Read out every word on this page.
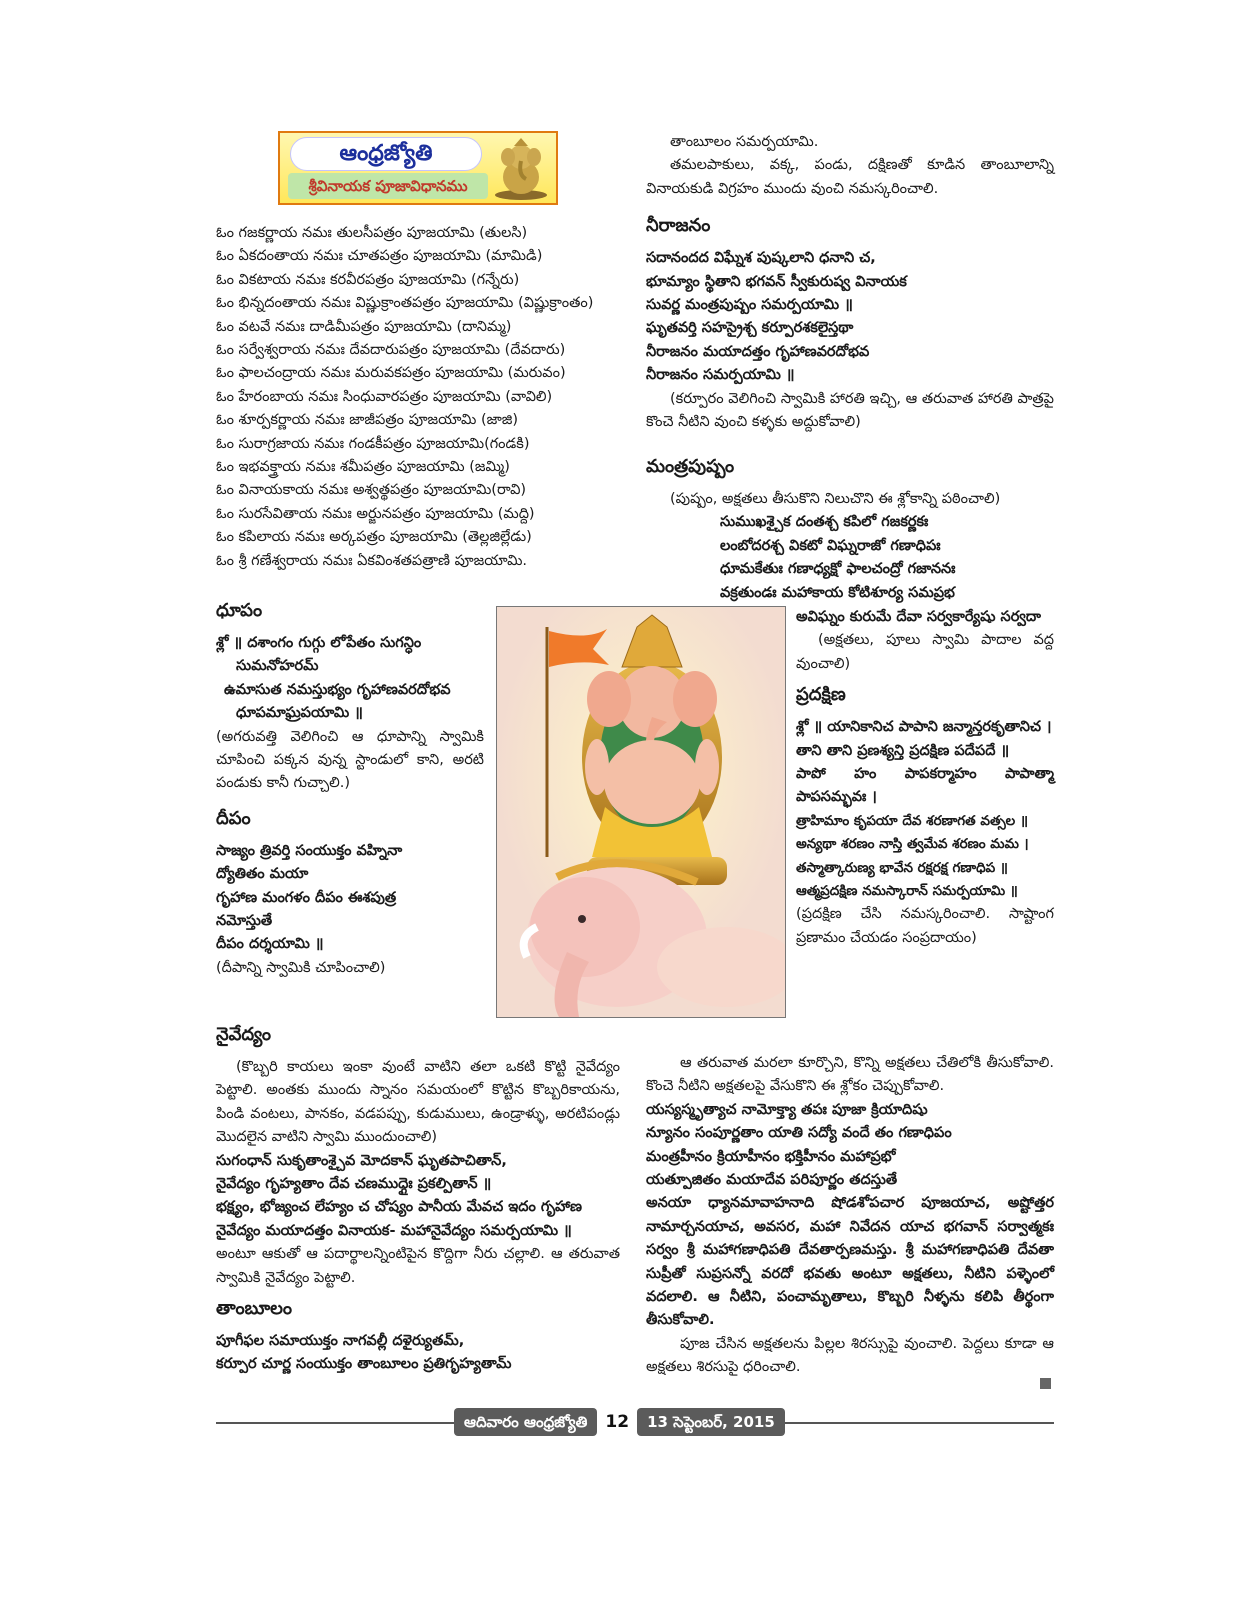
ఆంధ్రజ్యోతి
శ్రీవినాయక పూజావిధానము

ఓం గజకర్ణాయ నమః తులసీపత్రం పూజయామి (తులసి)

ఓం ఏకదంతాయ నమః చూతపత్రం పూజయామి (మామిడి)

ఓం వికటాయ నమః కరవీరపత్రం పూజయామి (గన్నేరు)

ఓం భిన్నదంతాయ నమః విష్ణుక్రాంతపత్రం పూజయామి (విష్ణుక్రాంతం)

ఓం వటవే నమః దాడిమీపత్రం పూజయామి (దానిమ్మ)

ఓం సర్వేశ్వరాయ నమః దేవదారుపత్రం పూజయామి (దేవదారు)

ఓం ఫాలచంద్రాయ నమః మరువకపత్రం పూజయామి (మరువం)

ఓం హేరంబాయ నమః సింధువారపత్రం పూజయామి (వావిలి)

ఓం శూర్పకర్ణాయ నమః జాజీపత్రం పూజయామి (జాజి)

ఓం సురాగ్రజాయ నమః గండకీపత్రం పూజయామి(గండకి)

ఓం ఇభవక్త్రాయ నమః శమీపత్రం పూజయామి (జమ్మి)

ఓం వినాయకాయ నమః అశ్వత్థపత్రం పూజయామి(రావి)

ఓం సురసేవితాయ నమః అర్జునపత్రం పూజయామి (మద్ది)

ఓం కపిలాయ నమః అర్కపత్రం పూజయామి (తెల్లజిల్లేడు)

ఓం శ్రీ గణేశ్వరాయ నమః ఏకవింశతపత్రాణి పూజయామి.

ధూపం

శ్లో ॥ దశాంగం గుగ్గు లోపేతం సుగన్ధిం

సుమనోహరమ్

ఉమాసుత నమస్తుభ్యం గృహాణవరదోభవ

ధూపమాఘ్రపయామి ॥

(అగరువత్తి వెలిగించి ఆ ధూపాన్ని స్వామికి చూపించి పక్కన వున్న స్టాండులో కాని, అరటి పండుకు కానీ గుచ్చాలి.)

దీపం

సాజ్యం త్రివర్తి సంయుక్తం వహ్నినా

ద్యోతితం మయా

గృహాణ మంగళం దీపం ఈశపుత్ర

నమోస్తుతే

దీపం దర్శయామి ॥

(దీపాన్ని స్వామికి చూపించాలి)

నైవేద్యం

(కొబ్బరి కాయలు ఇంకా వుంటే వాటిని తలా ఒకటి కొట్టి నైవేద్యం పెట్టాలి. అంతకు ముందు స్నానం సమయంలో కొట్టిన కొబ్బరికాయను, పిండి వంటలు, పానకం, వడపప్పు, కుడుములు, ఉండ్రాళ్ళు, అరటిపండ్లు మొదలైన వాటిని స్వామి ముందుంచాలి)

సుగంధాన్ సుకృతాంశ్చైవ మోదకాన్ ఘృతపాచితాన్,

నైవేద్యం గృహ్యతాం దేవ చణముద్గైః ప్రకల్పితాన్ ॥

భక్ష్యం, భోజ్యంచ లేహ్యం చ చోష్యం పానీయ మేవచ ఇదం గృహాణ

నైవేద్యం మయాదత్తం వినాయక- మహానైవేద్యం సమర్పయామి ॥

అంటూ ఆకుతో ఆ పదార్థాలన్నింటిపైన కొద్దిగా నీరు చల్లాలి. ఆ తరువాత స్వామికి నైవేద్యం పెట్టాలి.

తాంబూలం

పూగీఫల సమాయుక్తం నాగవల్లీ దళైర్యుతమ్,

కర్పూర చూర్ణ సంయుక్తం తాంబూలం ప్రతిగృహ్యతామ్

తాంబూలం సమర్పయామి.

తమలపాకులు, వక్క, పండు, దక్షిణతో కూడిన తాంబూలాన్ని వినాయకుడి విగ్రహం ముందు వుంచి నమస్కరించాలి.

నీరాజనం

సదానందద విఘ్నేశ పుష్కలాని ధనాని చ,

భూమ్యాం స్థితాని భగవన్ స్వీకురుష్వ వినాయక

సువర్ణ మంత్రపుష్పం సమర్పయామి ॥

ఘృతవర్తి సహస్రైశ్చ కర్పూరశకలైస్తథా

నీరాజనం మయాదత్తం గృహాణవరదోభవ

నీరాజనం సమర్పయామి ॥

(కర్పూరం వెలిగించి స్వామికి హారతి ఇచ్చి, ఆ తరువాత హారతి పాత్రపై కొంచె నీటిని వుంచి కళ్ళకు అద్దుకోవాలి)

మంత్రపుష్పం

(పుష్పం, అక్షతలు తీసుకొని నిలుచొని ఈ శ్లోకాన్ని పఠించాలి)

సుముఖశ్చైక దంతశ్చ కపిలో గజకర్ణకః

లంబోదరశ్చ వికటో విఘ్నరాజో గణాధిపః

ధూమకేతుః గణాధ్యక్షో ఫాలచంద్రో గజాననః

వక్రతుండః మహాకాయ కోటిశూర్య సమప్రభ

అవిఘ్నం కురుమే దేవా సర్వకార్యేషు సర్వదా

(అక్షతలు, పూలు స్వామి పాదాల వద్ద వుంచాలి)

ప్రదక్షిణ

శ్లో ॥ యానికానిచ పాపాని జన్మాన్తరకృతానిచ ।

తాని తాని ప్రణశ్యన్తి ప్రదక్షిణ పదేపదే ॥

పాపో హం పాపకర్మాహం పాపాత్మా పాపసమ్భవః ।

త్రాహిమాం కృపయా దేవ శరణాగత వత్సల ॥

అన్యథా శరణం నాస్తి త్వమేవ శరణం మమ ।

తస్మాత్కారుణ్య భావేన రక్షరక్ష గణాధిప ॥

ఆత్మప్రదక్షిణ నమస్కారాన్ సమర్పయామి ॥

(ప్రదక్షిణ చేసి నమస్కరించాలి. సాష్టాంగ ప్రణామం చేయడం సంప్రదాయం)

ఆ తరువాత మరలా కూర్చొని, కొన్ని అక్షతలు చేతిలోకి తీసుకోవాలి. కొంచె నీటిని అక్షతలపై వేసుకొని ఈ శ్లోకం చెప్పుకోవాలి.

యస్యస్మృత్యాచ నామోక్త్యా తపః పూజా క్రియాదిషు

న్యూనం సంపూర్ణతాం యాతి సద్యో వందే తం గణాధిపం

మంత్రహీనం క్రియాహీనం భక్తిహీనం మహాప్రభో

యత్పూజితం మయాదేవ పరిపూర్ణం తదస్తుతే

అనయా ధ్యానమావాహనాది షోడశోపచార పూజయాచ, అష్టోత్తర నామార్చనయాచ, అవసర, మహా నివేదన యాచ భగవాన్ సర్వాత్మకః సర్వం శ్రీ మహాగణాధిపతి దేవతార్పణమస్తు. శ్రీ మహాగణాధిపతి దేవతా సుప్రీతో సుప్రసన్నో వరదో భవతు అంటూ అక్షతలు, నీటిని పళ్ళెంలో వదలాలి. ఆ నీటిని, పంచామృతాలు, కొబ్బరి నీళ్ళను కలిపి తీర్థంగా తీసుకోవాలి.

పూజ చేసిన అక్షతలను పిల్లల శిరస్సుపై వుంచాలి. పెద్దలు కూడా ఆ అక్షతలు శిరసుపై ధరించాలి.

ఆదివారం ఆంధ్రజ్యోతి	12	13 సెప్టెంబర్, 2015
